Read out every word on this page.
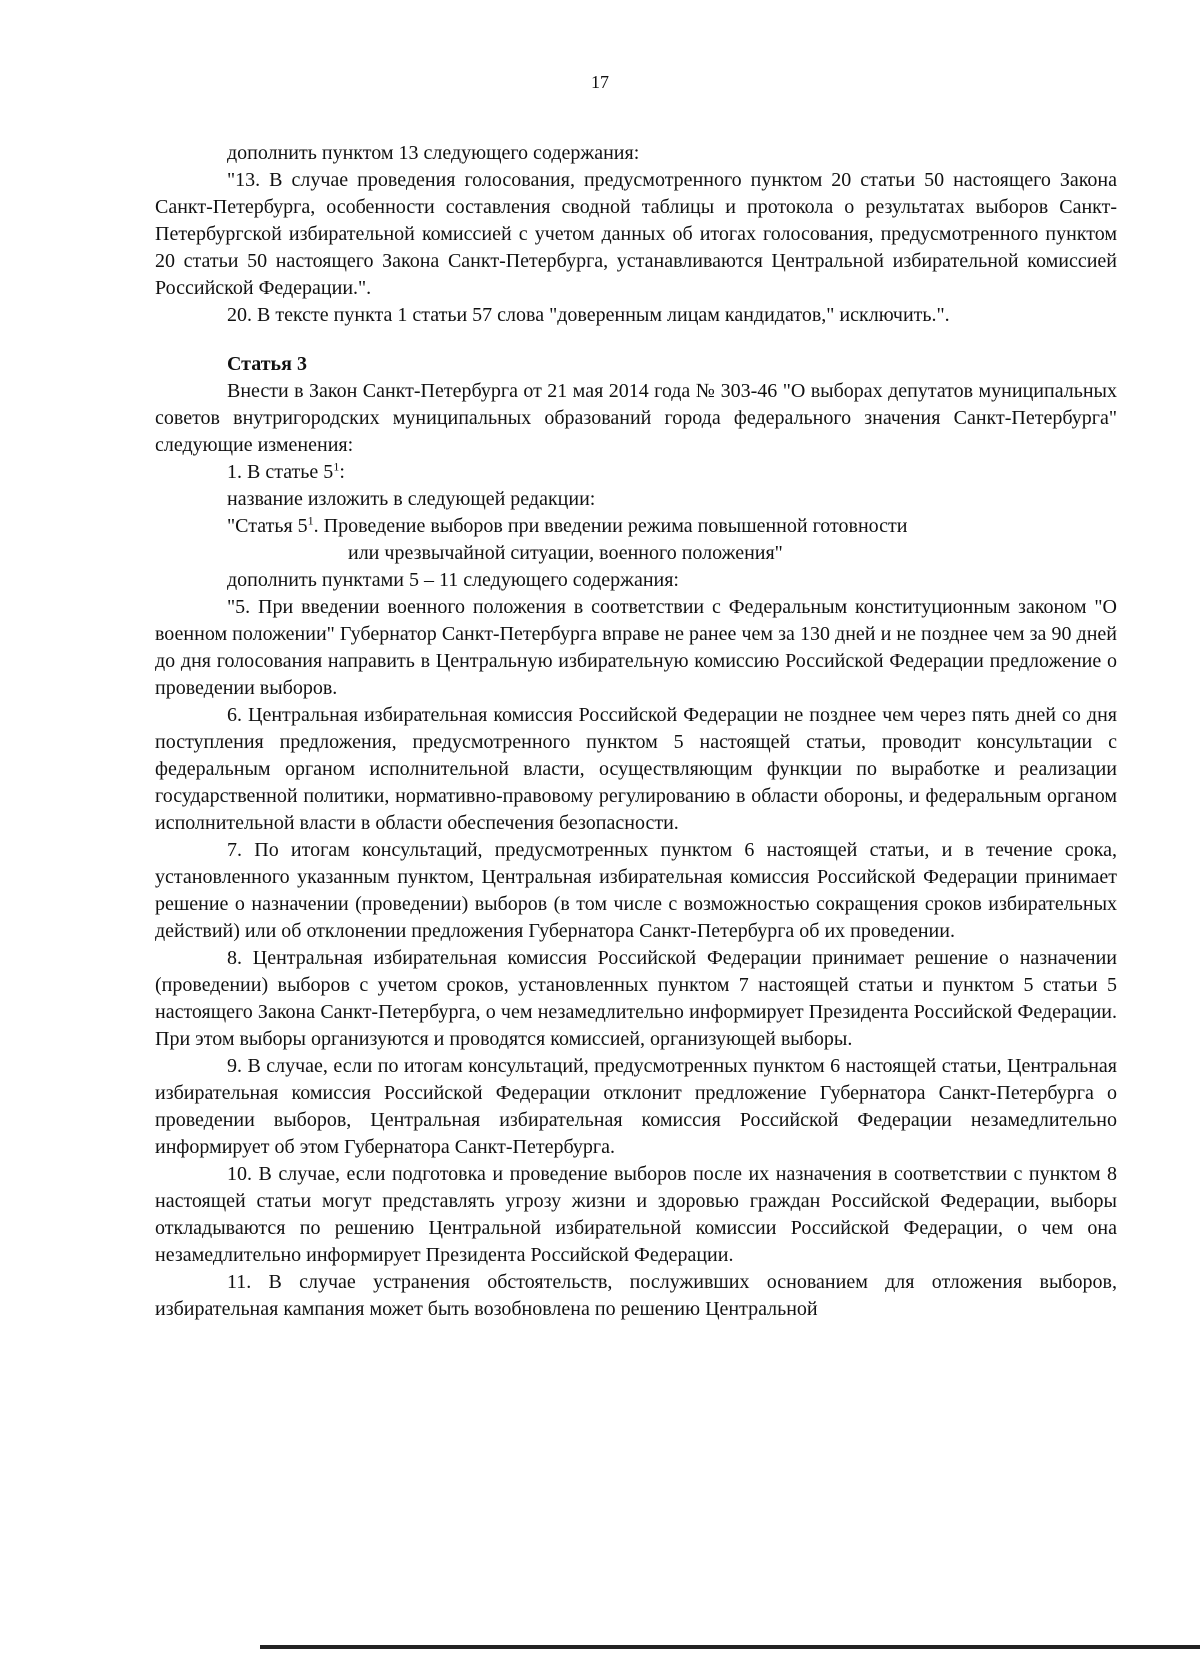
17

дополнить пунктом 13 следующего содержания:

"13. В случае проведения голосования, предусмотренного пунктом 20 статьи 50 настоящего Закона Санкт-Петербурга, особенности составления сводной таблицы и протокола о результатах выборов Санкт-Петербургской избирательной комиссией с учетом данных об итогах голосования, предусмотренного пунктом 20 статьи 50 настоящего Закона Санкт-Петербурга, устанавливаются Центральной избирательной комиссией Российской Федерации.".

20. В тексте пункта 1 статьи 57 слова "доверенным лицам кандидатов," исключить.".

Статья 3

Внести в Закон Санкт-Петербурга от 21 мая 2014 года № 303-46 "О выборах депутатов муниципальных советов внутригородских муниципальных образований города федерального значения Санкт-Петербурга" следующие изменения:

1. В статье $5^1$:

название изложить в следующей редакции:

"Статья $5^1$. Проведение выборов при введении режима повышенной готовности

или чрезвычайной ситуации, военного положения"

дополнить пунктами 5 – 11 следующего содержания:

"5. При введении военного положения в соответствии с Федеральным конституционным законом "О военном положении" Губернатор Санкт-Петербурга вправе не ранее чем за 130 дней и не позднее чем за 90 дней до дня голосования направить в Центральную избирательную комиссию Российской Федерации предложение о проведении выборов.

6. Центральная избирательная комиссия Российской Федерации не позднее чем через пять дней со дня поступления предложения, предусмотренного пунктом 5 настоящей статьи, проводит консультации с федеральным органом исполнительной власти, осуществляющим функции по выработке и реализации государственной политики, нормативно-правовому регулированию в области обороны, и федеральным органом исполнительной власти в области обеспечения безопасности.

7. По итогам консультаций, предусмотренных пунктом 6 настоящей статьи, и в течение срока, установленного указанным пунктом, Центральная избирательная комиссия Российской Федерации принимает решение о назначении (проведении) выборов (в том числе с возможностью сокращения сроков избирательных действий) или об отклонении предложения Губернатора Санкт-Петербурга об их проведении.

8. Центральная избирательная комиссия Российской Федерации принимает решение о назначении (проведении) выборов с учетом сроков, установленных пунктом 7 настоящей статьи и пунктом 5 статьи 5 настоящего Закона Санкт-Петербурга, о чем незамедлительно информирует Президента Российской Федерации. При этом выборы организуются и проводятся комиссией, организующей выборы.

9. В случае, если по итогам консультаций, предусмотренных пунктом 6 настоящей статьи, Центральная избирательная комиссия Российской Федерации отклонит предложение Губернатора Санкт-Петербурга о проведении выборов, Центральная избирательная комиссия Российской Федерации незамедлительно информирует об этом Губернатора Санкт-Петербурга.

10. В случае, если подготовка и проведение выборов после их назначения в соответствии с пунктом 8 настоящей статьи могут представлять угрозу жизни и здоровью граждан Российской Федерации, выборы откладываются по решению Центральной избирательной комиссии Российской Федерации, о чем она незамедлительно информирует Президента Российской Федерации.

11. В случае устранения обстоятельств, послуживших основанием для отложения выборов, избирательная кампания может быть возобновлена по решению Центральной
